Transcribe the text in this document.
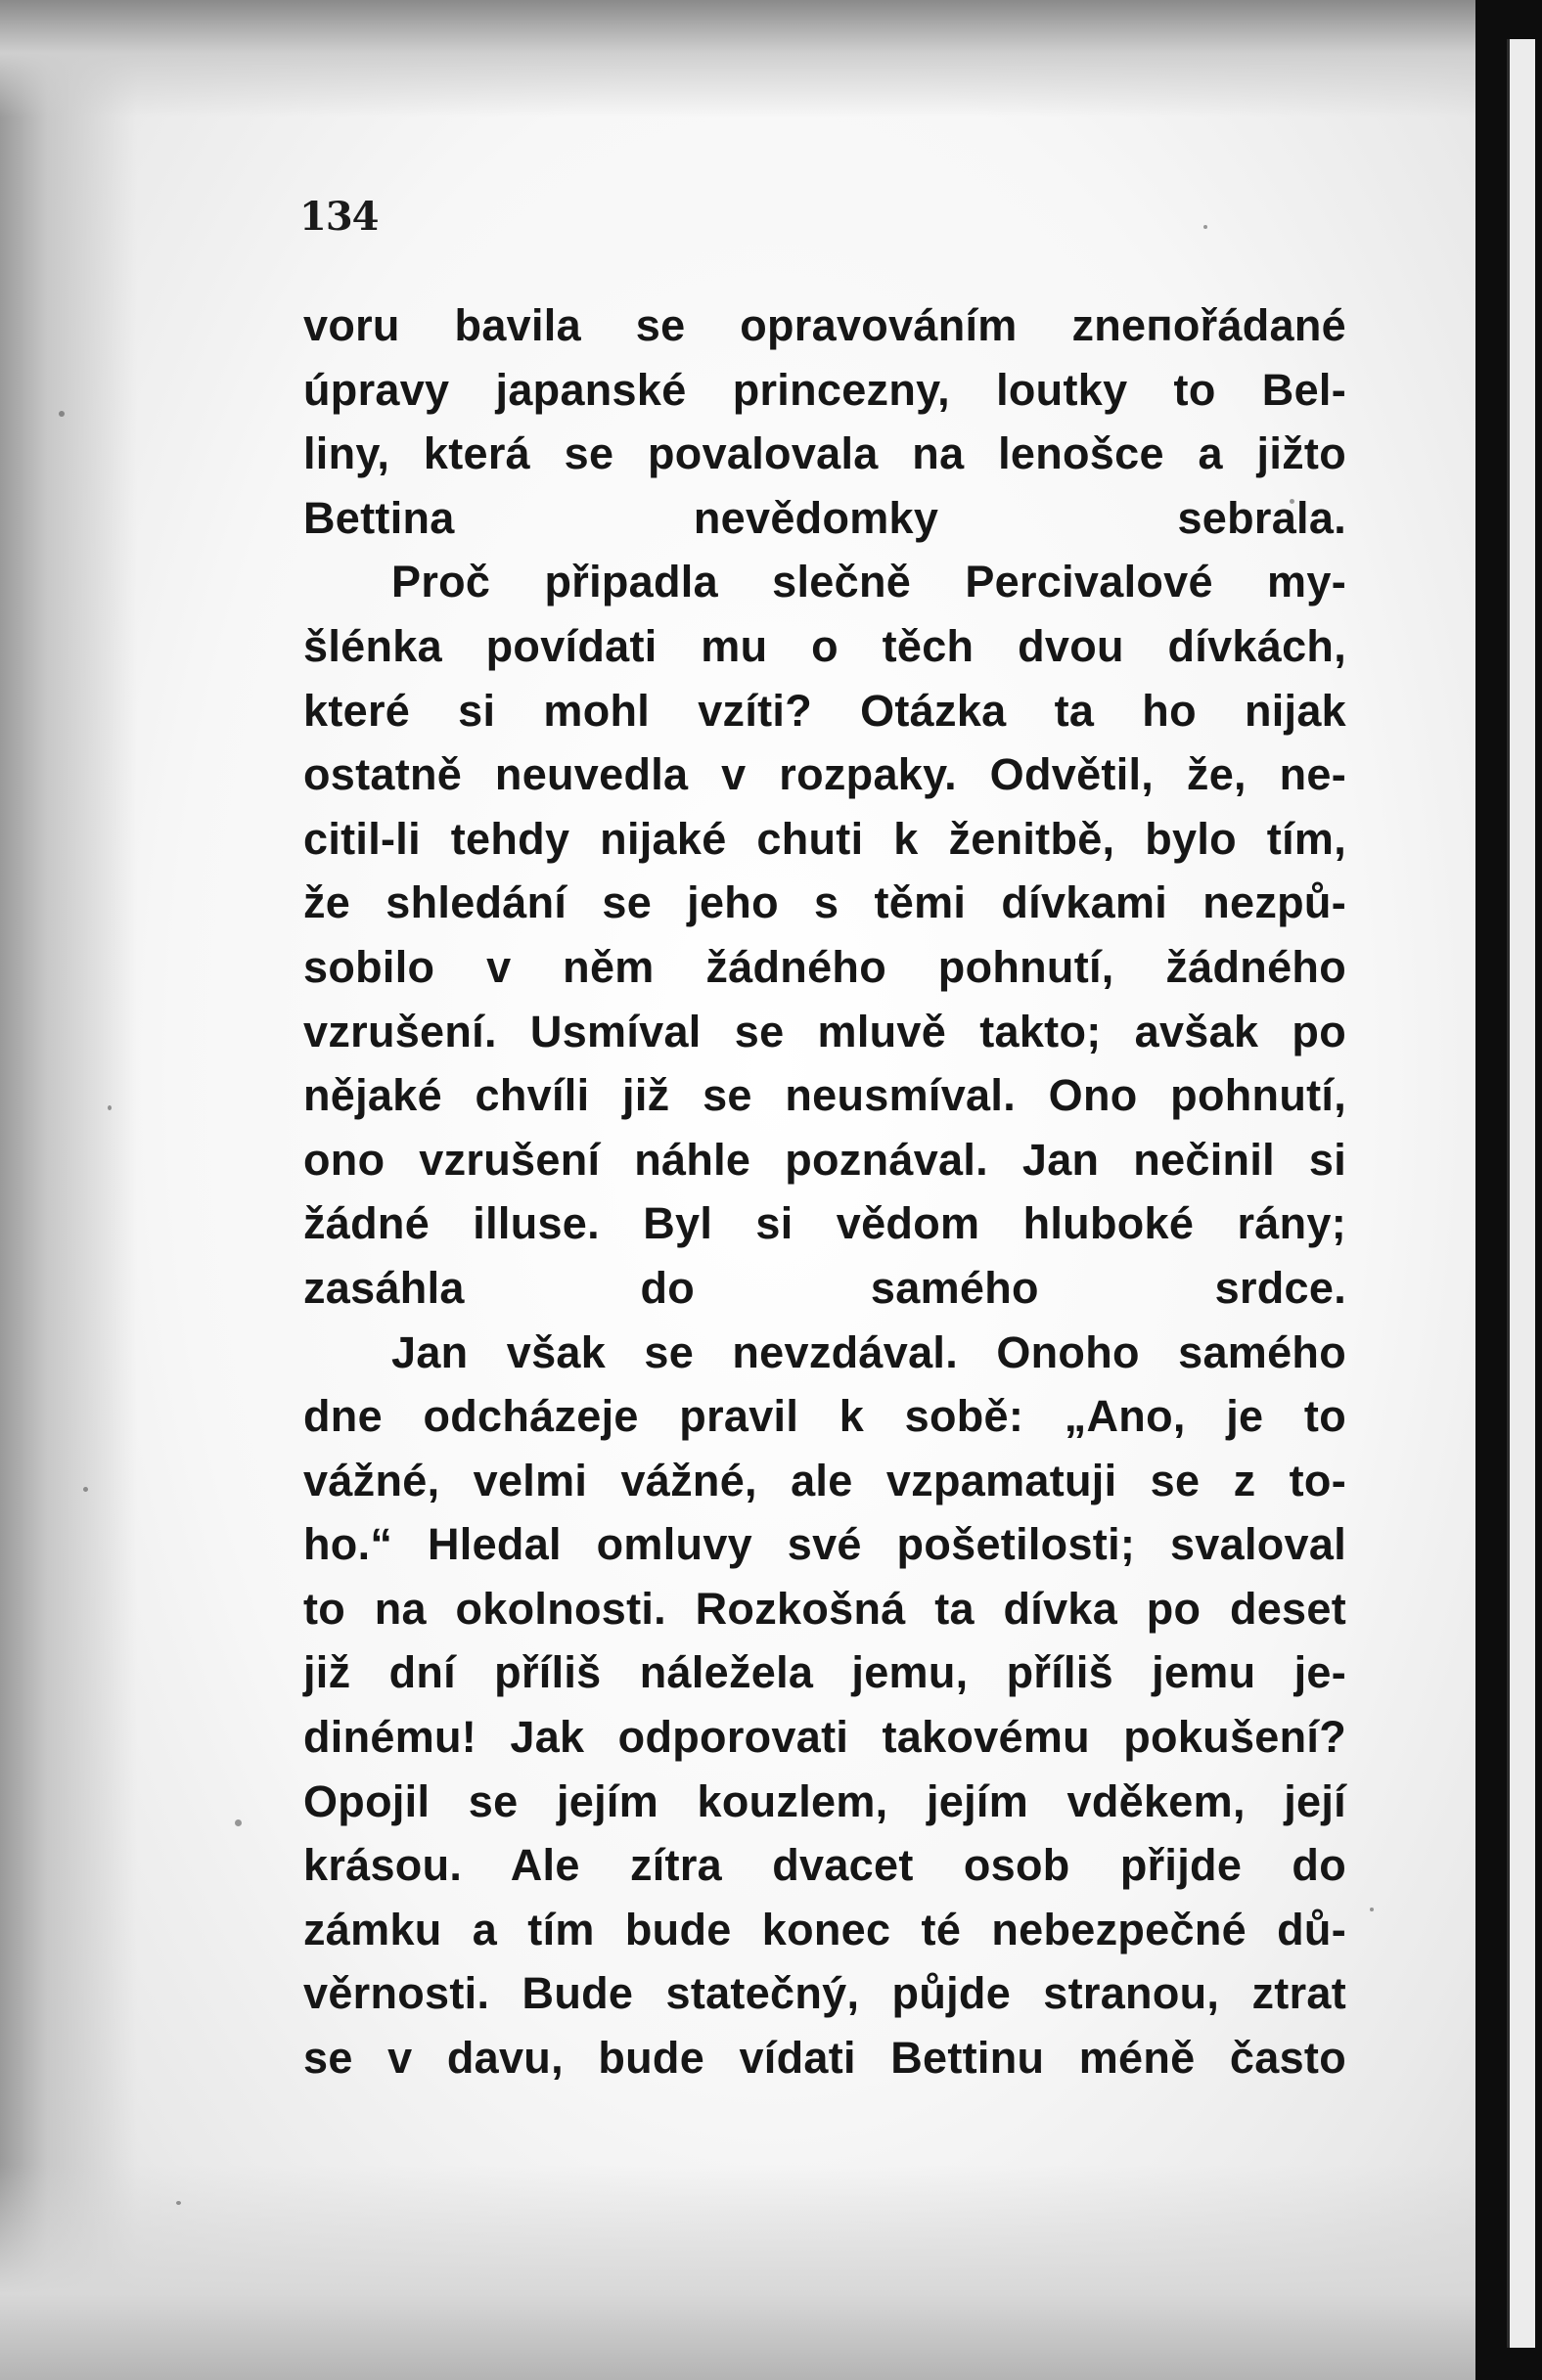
134
voru bavila se opravováním zneпořádané
úpravy japanské princezny, loutky to Bel-
liny, která se povalovala na lenošce a jižto
Bettina nevědomky sebrala.
Proč připadla slečně Percivalové my-
šlénka povídati mu o těch dvou dívkách,
které si mohl vzíti? Otázka ta ho nijak
ostatně neuvedla v rozpaky. Odvětil, že, ne-
citil-li tehdy nijaké chuti k ženitbě, bylo tím,
že shledání se jeho s těmi dívkami nezpů-
sobilo v něm žádného pohnutí, žádného
vzrušení. Usmíval se mluvě takto; avšak po
nějaké chvíli již se neusmíval. Ono pohnutí,
ono vzrušení náhle poznával. Jan nečinil si
žádné illuse. Byl si vědom hluboké rány;
zasáhla do samého srdce.
Jan však se nevzdával. Onoho samého
dne odcházeje pravil k sobě: „Ano, je to
vážné, velmi vážné, ale vzpamatuji se z to-
ho.“ Hledal omluvy své pošetilosti; svaloval
to na okolnosti. Rozkošná ta dívka po deset
již dní příliš náležela jemu, příliš jemu je-
dinému! Jak odporovati takovému pokušení?
Opojil se jejím kouzlem, jejím vděkem, její
krásou. Ale zítra dvacet osob přijde do
zámku a tím bude konec té nebezpečné dů-
věrnosti. Bude statečný, půjde stranou, ztrat
se v davu, bude vídati Bettinu méně často
